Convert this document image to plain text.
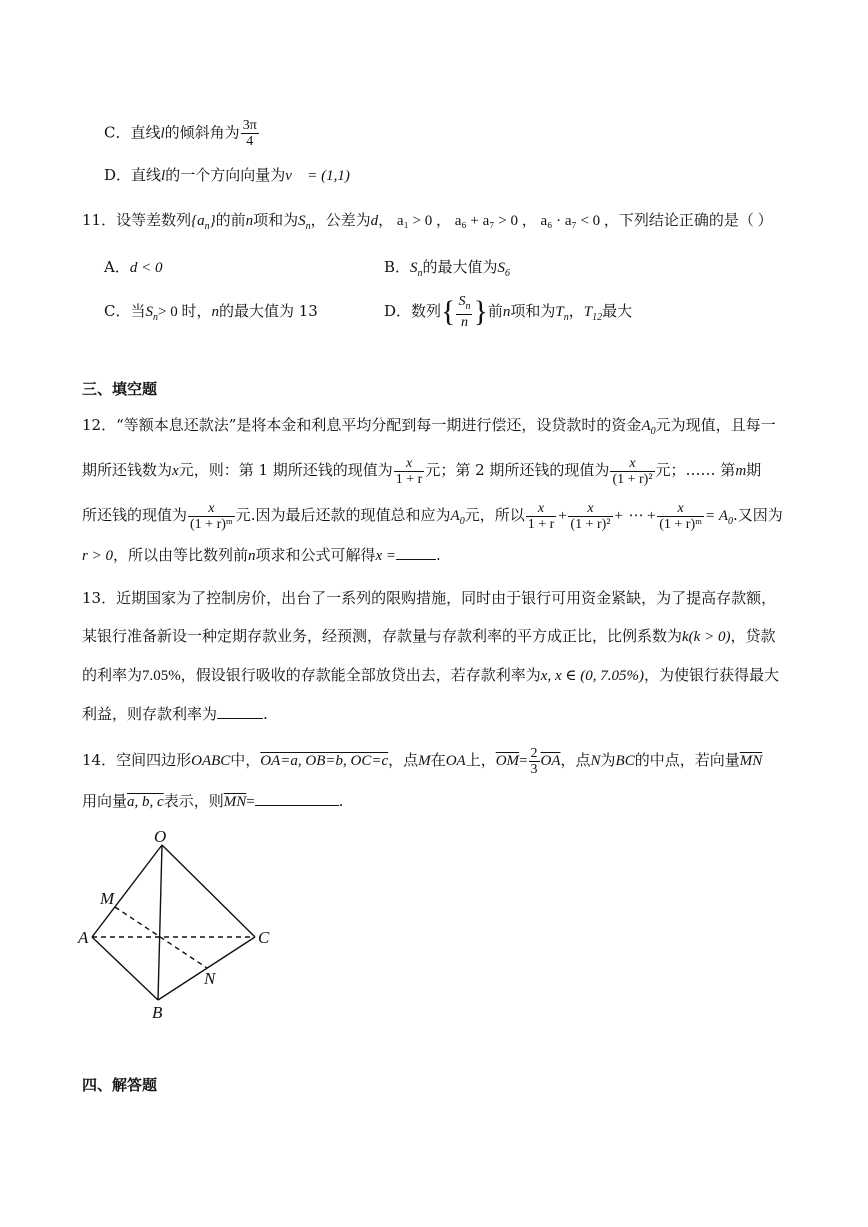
C．直线l的倾斜角为 $\frac{3\pi}{4}$
D．直线l的一个方向向量为v⃗ = (1,1)
11．设等差数列$\{a_n\}$的前n项和为$S_n$，公差为d， a₁ > 0 ， a₆ + a₇ > 0 ， a₆ · a₇ < 0 ，下列结论正确的是（ ）
A．d < 0	B．$S_n$的最大值为$S_6$
C．当$S_n> 0$ 时，n的最大值为 13	D．数列{ $\frac{S_n}{n}$ }前n项和为$T_n$，$T_{12}$最大
三、填空题
12．“等额本息还款法”是将本金和利息平均分配到每一期进行偿还，设贷款时的资金$A_0$元为现值，且每一
期所还钱数为x元，则：第 1 期所还钱的现值为 $\frac{x}{1 + r}$ 元；第 2 期所还钱的现值为 $\frac{x}{\text{(1 + r)²}}$ 元；…… 第m期
所还钱的现值为 $\frac{x}{\text{(1 + r)ᵐ}}$ 元.因为最后还款的现值总和应为$A_0$元，所以 $\frac{x}{1 + r} + \frac{x}{\text{(1 + r)²}}$ + ⋯ + $\frac{x}{\text{(1 + r)ᵐ}} = A_0$.又因为
r > 0，所以由等比数列前n项求和公式可解得x =	.
13．近期国家为了控制房价，出台了一系列的限购措施，同时由于银行可用资金紧缺，为了提高存款额，
某银行准备新设一种定期存款业务，经预测，存款量与存款利率的平方成正比，比例系数为k(k > 0)，贷款
的利率为7.05%，假设银行吸收的存款能全部放贷出去，若存款利率为x, x ∈ (0, 7.05%)，为使银行获得最大
利益，则存款利率为	.
14．空间四边形OABC中，OA=a, OB=b, OC=c，点M在OA上，$\overline{OM}= \frac{2}{3} \overline{OA}$，点N为BC的中点，若向量$\overline{MN}$
用向量a, b, c表示，则$\overline{MN}=$	.
O
M
A	C
N
B
四、解答题
